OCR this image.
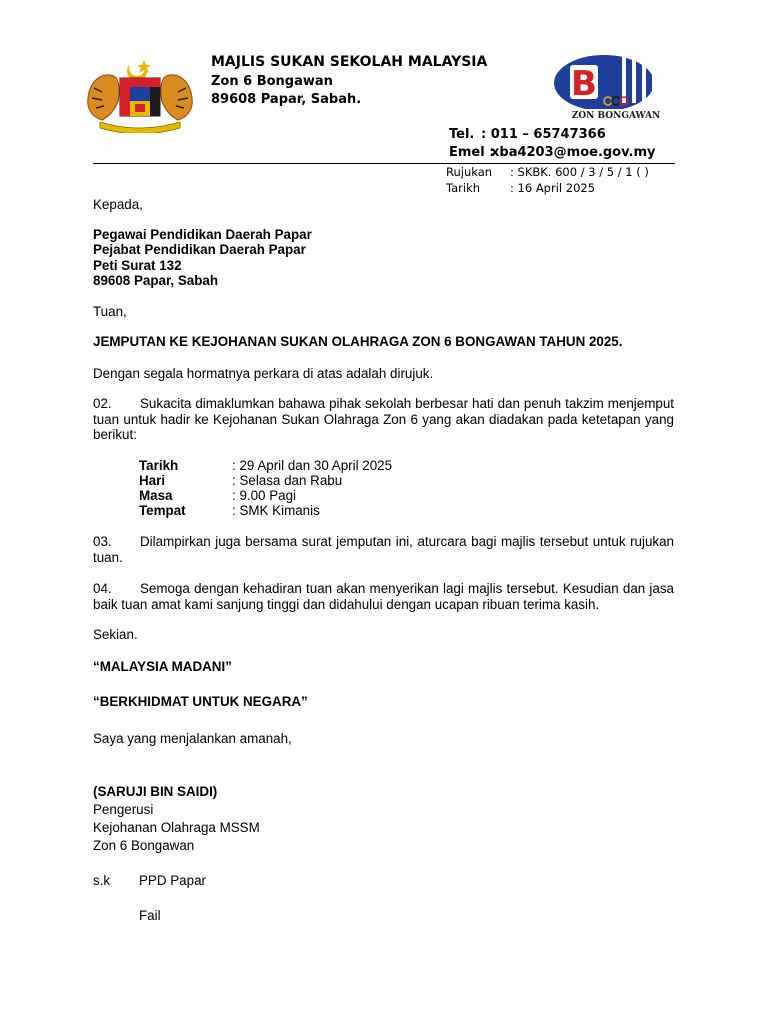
MAJLIS SUKAN SEKOLAH MALAYSIA
Zon 6 Bongawan
89608 Papar, Sabah.	B
ZON BONGAWAN
Tel. : 011 – 65747366
Emel :
xba4203@moe.gov.my
Rujukan : SKBK. 600 / 3 / 5 / 1 ( )
Tarikh	: 16 April 2025
Kepada,
Pegawai Pendidikan Daerah Papar
Pejabat Pendidikan Daerah Papar
Peti Surat 132
89608 Papar, Sabah
Tuan,
JEMPUTAN KE KEJOHANAN SUKAN OLAHRAGA ZON 6 BONGAWAN TAHUN 2025.
Dengan segala hormatnya perkara di atas adalah dirujuk.
02. Sukacita dimaklumkan bahawa pihak sekolah berbesar hati dan penuh takzim menjemput tuan untuk hadir ke Kejohanan Sukan Olahraga Zon 6 yang akan diadakan pada ketetapan yang berikut:
Tarikh	: 29 April dan 30 April 2025
Hari	: Selasa dan Rabu
Masa	: 9.00 Pagi
Tempat	: SMK Kimanis
03. Dilampirkan juga bersama surat jemputan ini, aturcara bagi majlis tersebut untuk rujukan tuan.
04. Semoga dengan kehadiran tuan akan menyerikan lagi majlis tersebut. Kesudian dan jasa baik tuan amat kami sanjung tinggi dan didahului dengan ucapan ribuan terima kasih.
Sekian.
“MALAYSIA MADANI”
“BERKHIDMAT UNTUK NEGARA”
Saya yang menjalankan amanah,
(SARUJI BIN SAIDI)
Pengerusi
Kejohanan Olahraga MSSM
Zon 6 Bongawan
s.k PPD Papar
Fail
